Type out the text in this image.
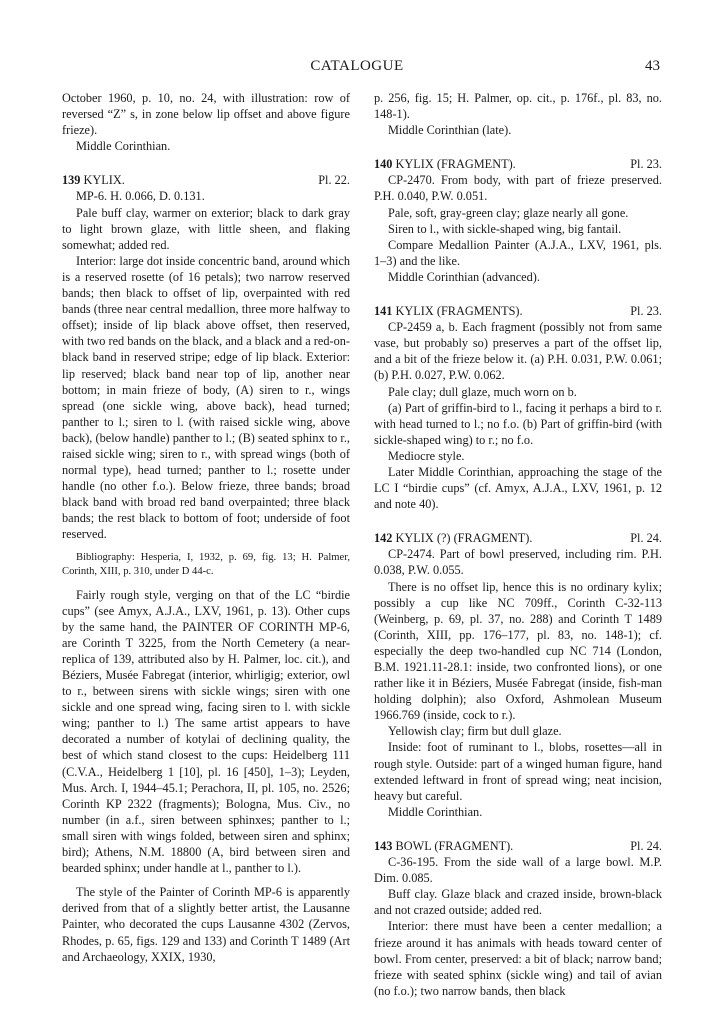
CATALOGUE	43

October 1960, p. 10, no. 24, with illustration: row of reversed “Z” s, in zone below lip offset and above figure frieze).

Middle Corinthian.

139 KYLIX.	Pl. 22.

MP-6. H. 0.066, D. 0.131.

Pale buff clay, warmer on exterior; black to dark gray to light brown glaze, with little sheen, and flaking somewhat; added red.

Interior: large dot inside concentric band, around which is a reserved rosette (of 16 petals); two narrow reserved bands; then black to offset of lip, overpainted with red bands (three near central medallion, three more halfway to offset); inside of lip black above offset, then reserved, with two red bands on the black, and a black and a red-on-black band in reserved stripe; edge of lip black. Exterior: lip reserved; black band near top of lip, another near bottom; in main frieze of body, (A) siren to r., wings spread (one sickle wing, above back), head turned; panther to l.; siren to l. (with raised sickle wing, above back), (below handle) panther to l.; (B) seated sphinx to r., raised sickle wing; siren to r., with spread wings (both of normal type), head turned; panther to l.; rosette under handle (no other f.o.). Below frieze, three bands; broad black band with broad red band overpainted; three black bands; the rest black to bottom of foot; underside of foot reserved.

Bibliography: Hesperia, I, 1932, p. 69, fig. 13; H. Palmer, Corinth, XIII, p. 310, under D 44-c.

Fairly rough style, verging on that of the LC “birdie cups” (see Amyx, A.J.A., LXV, 1961, p. 13). Other cups by the same hand, the PAINTER OF CORINTH MP-6, are Corinth T 3225, from the North Cemetery (a near-replica of 139, attributed also by H. Palmer, loc. cit.), and Béziers, Musée Fabregat (interior, whirligig; exterior, owl to r., between sirens with sickle wings; siren with one sickle and one spread wing, facing siren to l. with sickle wing; panther to l.) The same artist appears to have decorated a number of kotylai of declining quality, the best of which stand closest to the cups: Heidelberg 111 (C.V.A., Heidelberg 1 [10], pl. 16 [450], 1–3); Leyden, Mus. Arch. I, 1944–45.1; Perachora, II, pl. 105, no. 2526; Corinth KP 2322 (fragments); Bologna, Mus. Civ., no number (in a.f., siren between sphinxes; panther to l.; small siren with wings folded, between siren and sphinx; bird); Athens, N.M. 18800 (A, bird between siren and bearded sphinx; under handle at l., panther to l.).

The style of the Painter of Corinth MP-6 is apparently derived from that of a slightly better artist, the Lausanne Painter, who decorated the cups Lausanne 4302 (Zervos, Rhodes, p. 65, figs. 129 and 133) and Corinth T 1489 (Art and Archaeology, XXIX, 1930,

p. 256, fig. 15; H. Palmer, op. cit., p. 176f., pl. 83, no. 148-1).

Middle Corinthian (late).

140 KYLIX (FRAGMENT).	Pl. 23.

CP-2470. From body, with part of frieze preserved. P.H. 0.040, P.W. 0.051.

Pale, soft, gray-green clay; glaze nearly all gone.

Siren to l., with sickle-shaped wing, big fantail.

Compare Medallion Painter (A.J.A., LXV, 1961, pls. 1–3) and the like.

Middle Corinthian (advanced).

141 KYLIX (FRAGMENTS).	Pl. 23.

CP-2459 a, b. Each fragment (possibly not from same vase, but probably so) preserves a part of the offset lip, and a bit of the frieze below it. (a) P.H. 0.031, P.W. 0.061; (b) P.H. 0.027, P.W. 0.062.

Pale clay; dull glaze, much worn on b.

(a) Part of griffin-bird to l., facing it perhaps a bird to r. with head turned to l.; no f.o. (b) Part of griffin-bird (with sickle-shaped wing) to r.; no f.o.

Mediocre style.

Later Middle Corinthian, approaching the stage of the LC I “birdie cups” (cf. Amyx, A.J.A., LXV, 1961, p. 12 and note 40).

142 KYLIX (?) (FRAGMENT).	Pl. 24.

CP-2474. Part of bowl preserved, including rim. P.H. 0.038, P.W. 0.055.

There is no offset lip, hence this is no ordinary kylix; possibly a cup like NC 709ff., Corinth C-32-113 (Weinberg, p. 69, pl. 37, no. 288) and Corinth T 1489 (Corinth, XIII, pp. 176–177, pl. 83, no. 148-1); cf. especially the deep two-handled cup NC 714 (London, B.M. 1921.11-28.1: inside, two confronted lions), or one rather like it in Béziers, Musée Fabregat (inside, fish-man holding dolphin); also Oxford, Ashmolean Museum 1966.769 (inside, cock to r.).

Yellowish clay; firm but dull glaze.

Inside: foot of ruminant to l., blobs, rosettes—all in rough style. Outside: part of a winged human figure, hand extended leftward in front of spread wing; neat incision, heavy but careful.

Middle Corinthian.

143 BOWL (FRAGMENT).	Pl. 24.

C-36-195. From the side wall of a large bowl. M.P. Dim. 0.085.

Buff clay. Glaze black and crazed inside, brown-black and not crazed outside; added red.

Interior: there must have been a center medallion; a frieze around it has animals with heads toward center of bowl. From center, preserved: a bit of black; narrow band; frieze with seated sphinx (sickle wing) and tail of avian (no f.o.); two narrow bands, then black
